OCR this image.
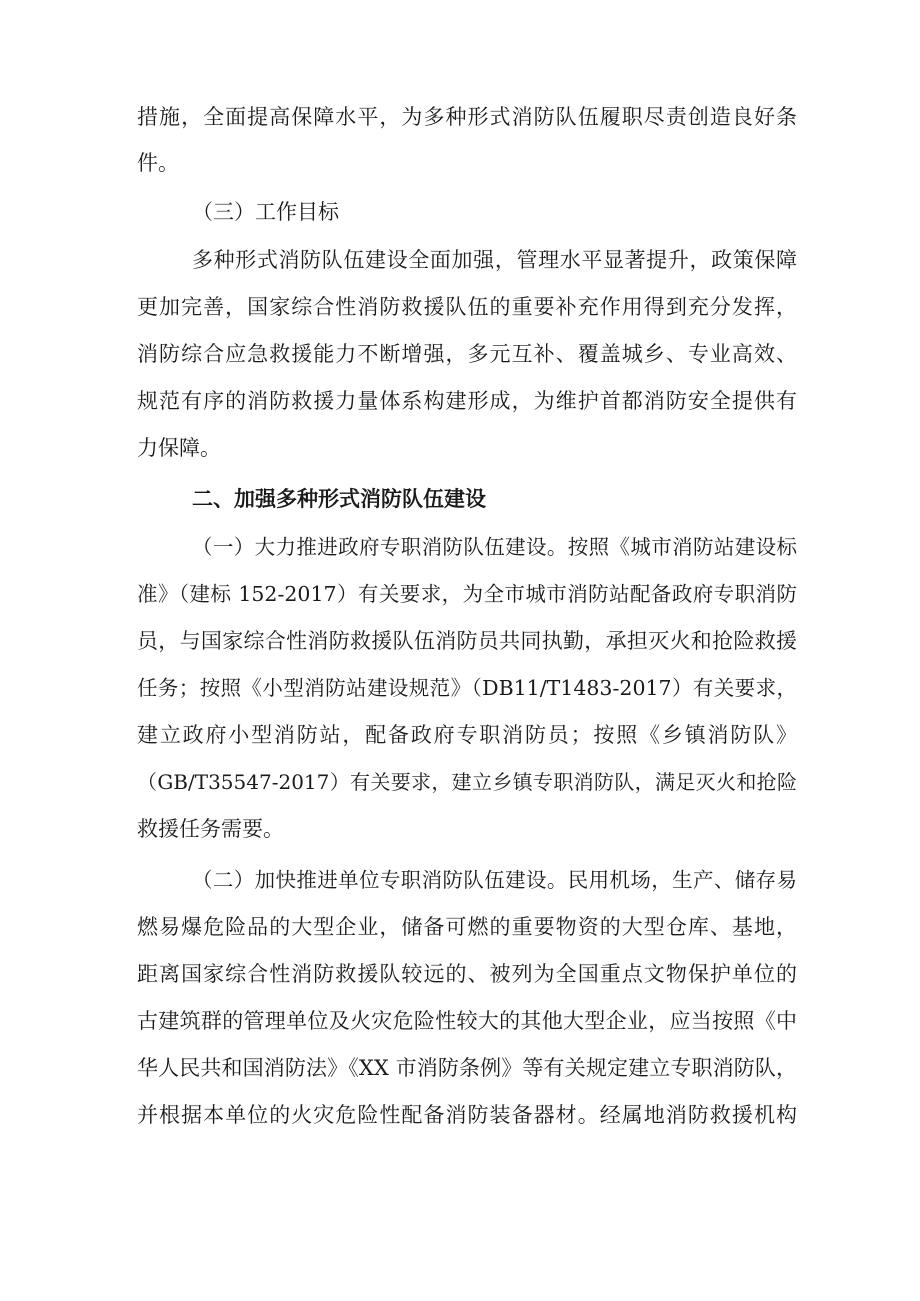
措施，全面提高保障水平，为多种形式消防队伍履职尽责创造良好条
件。
（三）工作目标
多种形式消防队伍建设全面加强，管理水平显著提升，政策保障
更加完善，国家综合性消防救援队伍的重要补充作用得到充分发挥，
消防综合应急救援能力不断增强，多元互补、覆盖城乡、专业高效、
规范有序的消防救援力量体系构建形成，为维护首都消防安全提供有
力保障。
二、加强多种形式消防队伍建设
（一）大力推进政府专职消防队伍建设。按照《城市消防站建设标
准》（建标 152-2017）有关要求，为全市城市消防站配备政府专职消防
员，与国家综合性消防救援队伍消防员共同执勤，承担灭火和抢险救援
任务；按照《小型消防站建设规范》（DB11/T1483-2017）有关要求，
建立政府小型消防站，配备政府专职消防员；按照《乡镇消防队》
（GB/T35547-2017）有关要求，建立乡镇专职消防队，满足灭火和抢险
救援任务需要。
（二）加快推进单位专职消防队伍建设。民用机场，生产、储存易
燃易爆危险品的大型企业，储备可燃的重要物资的大型仓库、基地，
距离国家综合性消防救援队较远的、被列为全国重点文物保护单位的
古建筑群的管理单位及火灾危险性较大的其他大型企业，应当按照《中
华人民共和国消防法》《XX 市消防条例》等有关规定建立专职消防队，
并根据本单位的火灾危险性配备消防装备器材。经属地消防救援机构
